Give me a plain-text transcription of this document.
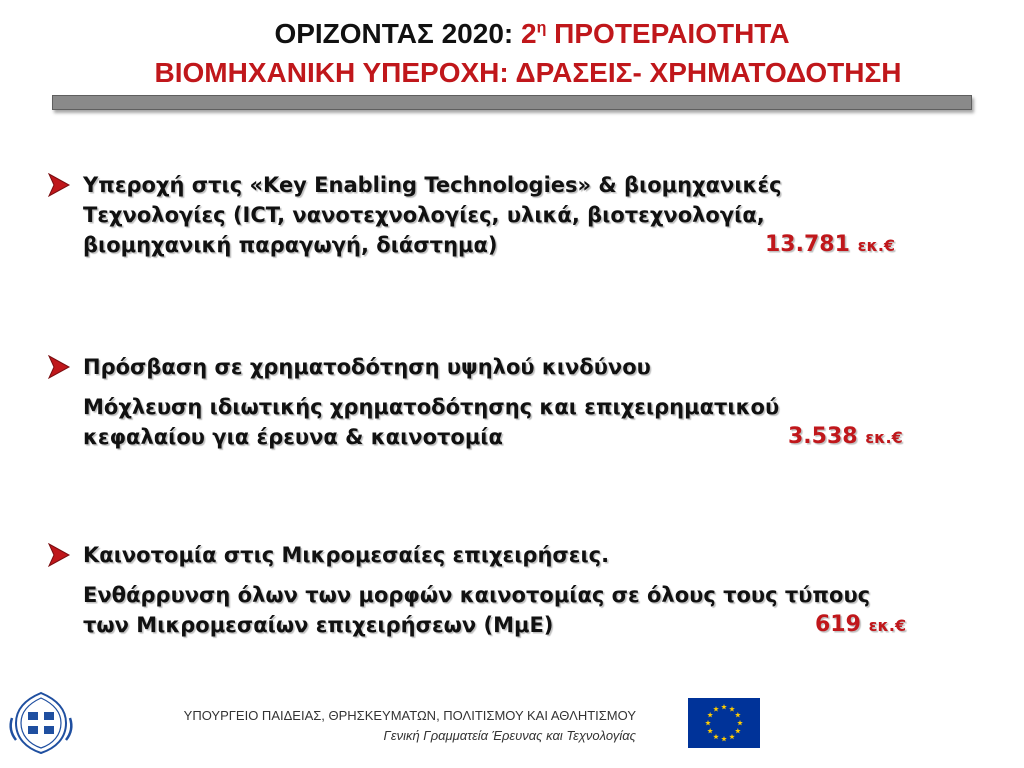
ΟΡΙΖΟΝΤΑΣ 2020: $2^\eta$ ΠΡΟΤΕΡΑΙΟΤΗΤΑ
ΒΙΟΜΗΧΑΝΙΚΗ ΥΠΕΡΟΧΗ: ΔΡΑΣΕΙΣ- ΧΡΗΜΑΤΟΔΟΤΗΣΗ
Υπεροχή στις «Key Enabling Technologies» & βιομηχανικές
Τεχνολογίες (ICT, νανοτεχνολογίες, υλικά, βιοτεχνολογία,
βιομηχανική παραγωγή, διάστημα)	13.781 εκ.€
Πρόσβαση σε χρηματοδότηση υψηλού κινδύνου
Μόχλευση ιδιωτικής χρηματοδότησης και επιχειρηματικού
κεφαλαίου για έρευνα & καινοτομία	3.538 εκ.€
Καινοτομία στις Μικρομεσαίες επιχειρήσεις.
Ενθάρρυνση όλων των μορφών καινοτομίας σε όλους τους τύπους
των Μικρομεσαίων επιχειρήσεων (ΜμΕ)	619 εκ.€
ΥΠΟΥΡΓΕΙΟ ΠΑΙΔΕΙΑΣ, ΘΡΗΣΚΕΥΜΑΤΩΝ, ΠΟΛΙΤΙΣΜΟΥ ΚΑΙ ΑΘΛΗΤΙΣΜΟΥ
Γενική Γραμματεία Έρευνας και Τεχνολογίας
